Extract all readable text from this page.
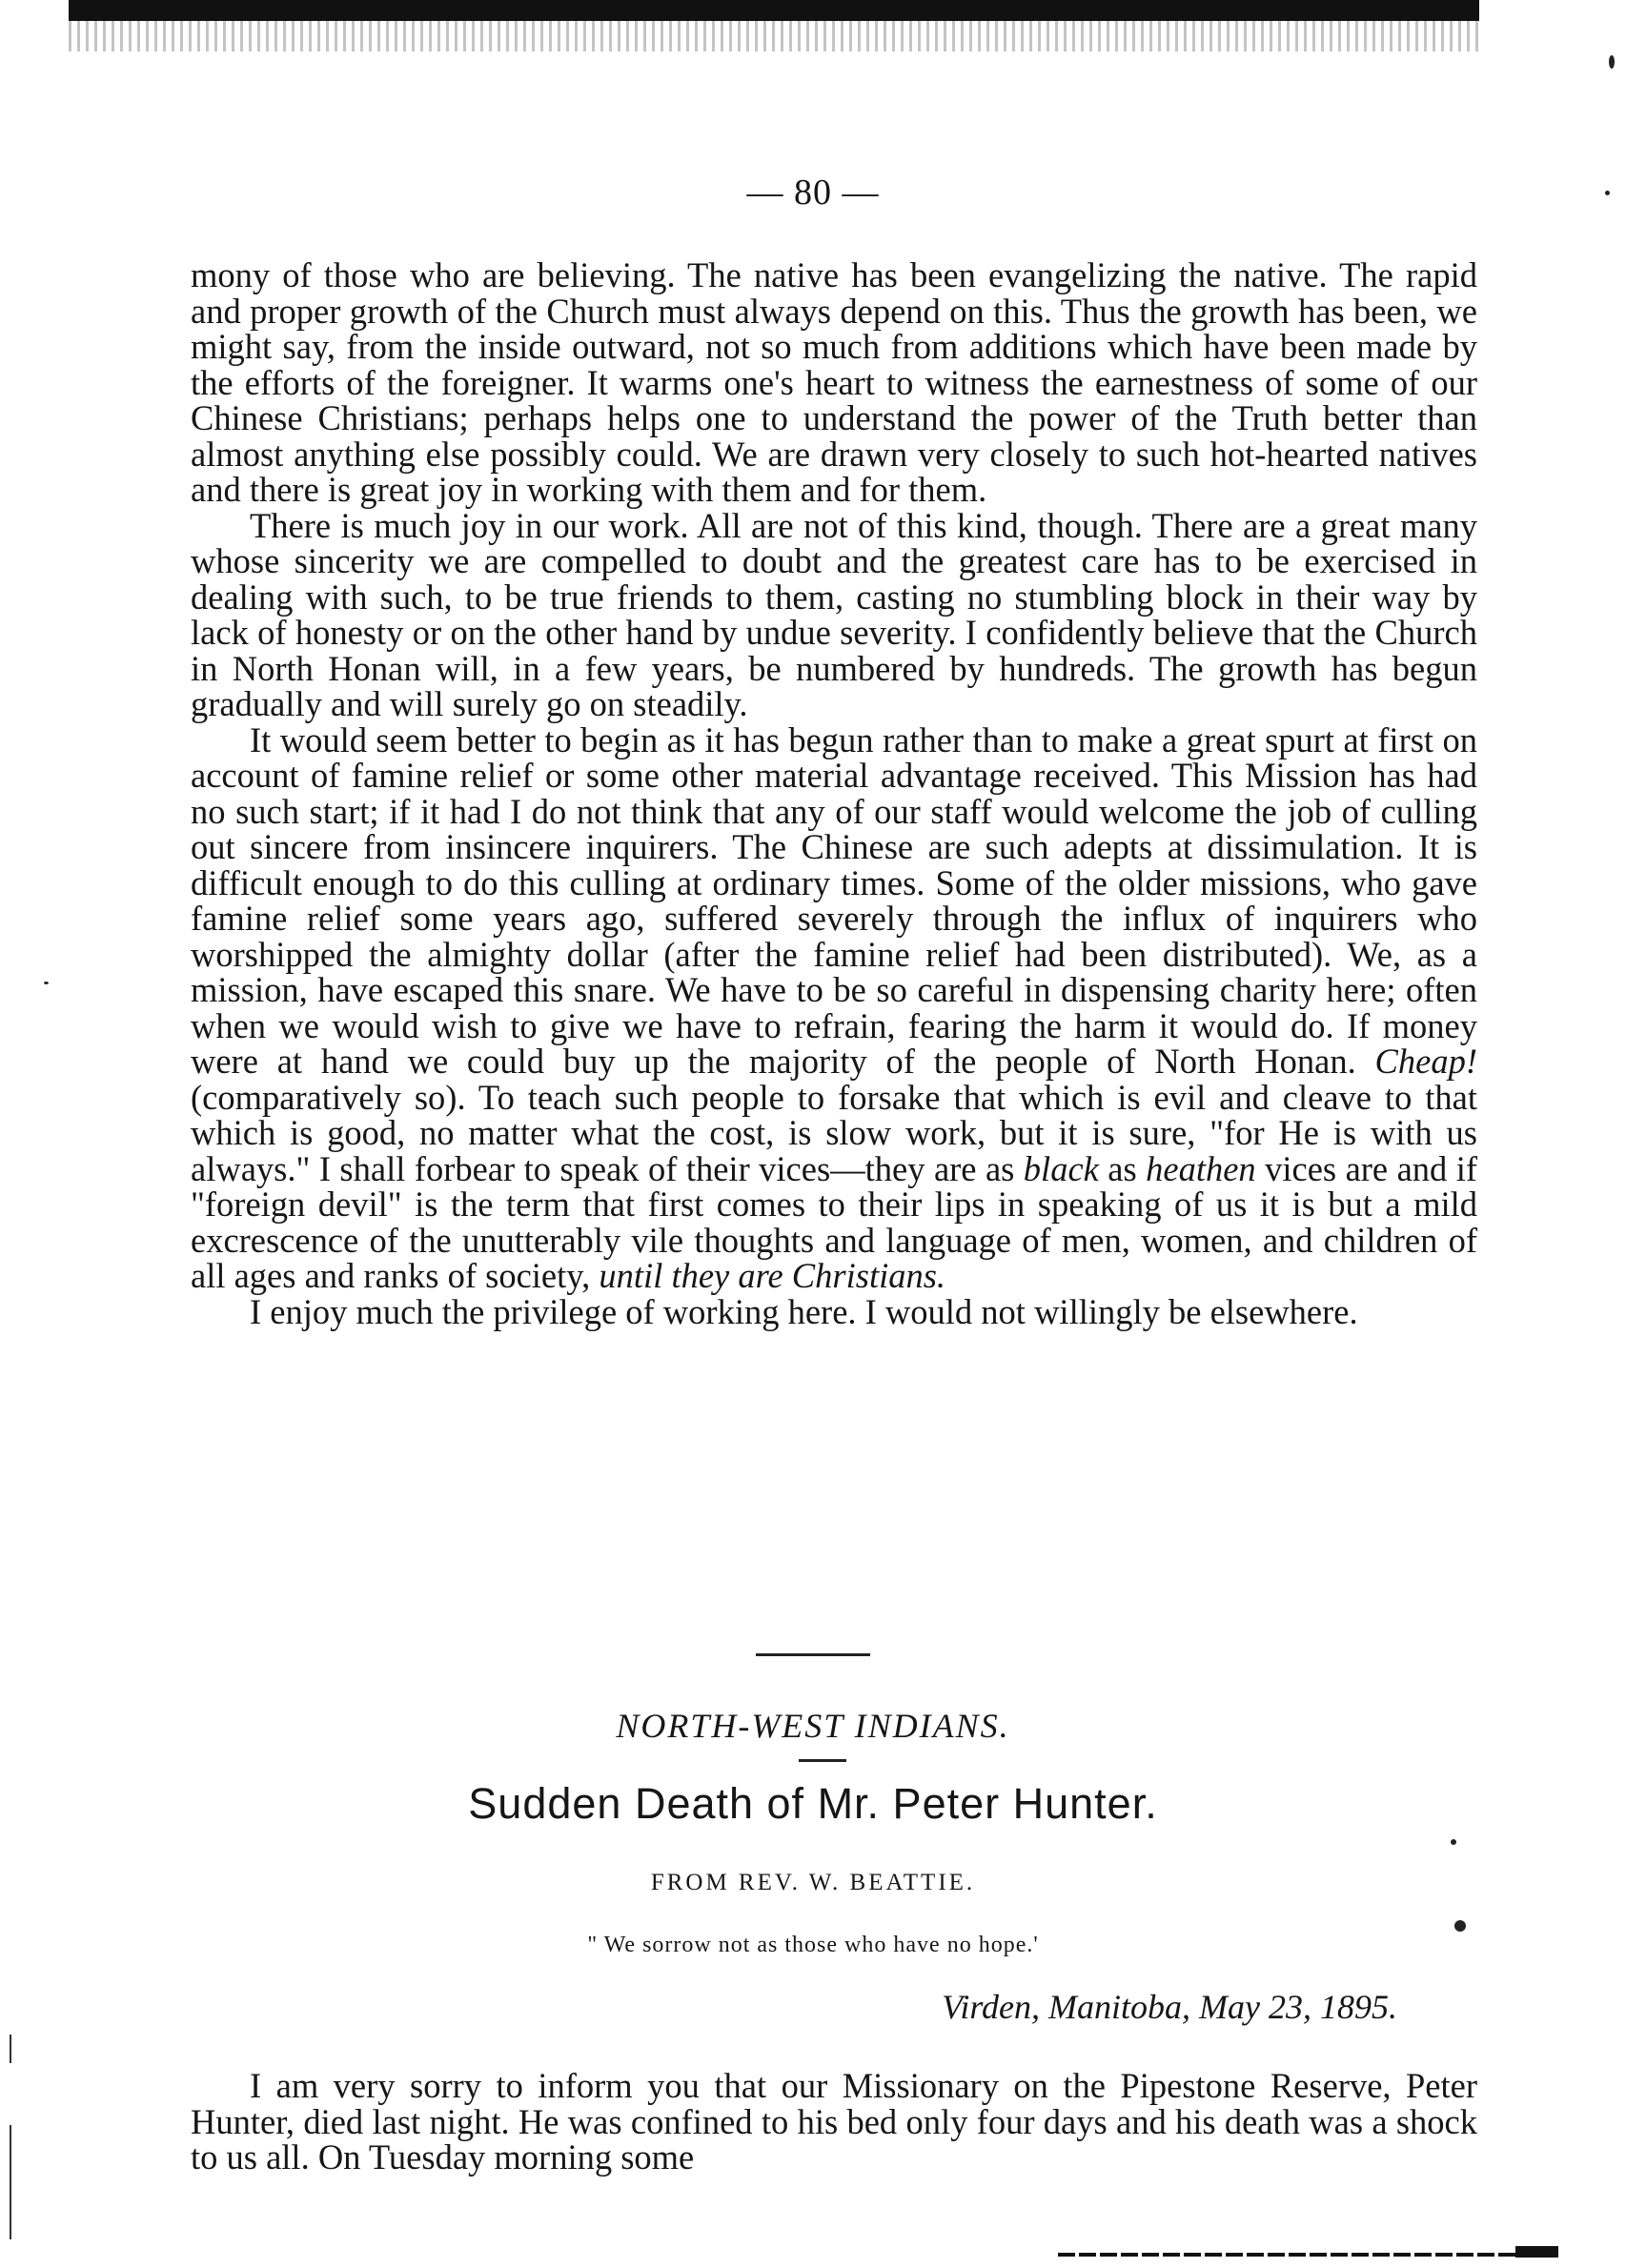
— 80 —

mony of those who are believing. The native has been evangelizing the native. The rapid and proper growth of the Church must always depend on this. Thus the growth has been, we might say, from the inside outward, not so much from additions which have been made by the efforts of the foreigner. It warms one's heart to witness the earnestness of some of our Chinese Christians; perhaps helps one to understand the power of the Truth better than almost anything else possibly could. We are drawn very closely to such hot-hearted natives and there is great joy in working with them and for them.

There is much joy in our work. All are not of this kind, though. There are a great many whose sincerity we are compelled to doubt and the greatest care has to be exercised in dealing with such, to be true friends to them, casting no stumbling block in their way by lack of honesty or on the other hand by undue severity. I confidently believe that the Church in North Honan will, in a few years, be numbered by hundreds. The growth has begun gradually and will surely go on steadily.

It would seem better to begin as it has begun rather than to make a great spurt at first on account of famine relief or some other material advantage received. This Mission has had no such start; if it had I do not think that any of our staff would welcome the job of culling out sincere from insincere inquirers. The Chinese are such adepts at dissimulation. It is difficult enough to do this culling at ordinary times. Some of the older missions, who gave famine relief some years ago, suffered severely through the influx of inquirers who worshipped the almighty dollar (after the famine relief had been distributed). We, as a mission, have escaped this snare. We have to be so careful in dispensing charity here; often when we would wish to give we have to refrain, fearing the harm it would do. If money were at hand we could buy up the majority of the people of North Honan. Cheap! (comparatively so). To teach such people to forsake that which is evil and cleave to that which is good, no matter what the cost, is slow work, but it is sure, "for He is with us always." I shall forbear to speak of their vices—they are as black as heathen vices are and if "foreign devil" is the term that first comes to their lips in speaking of us it is but a mild excrescence of the unutterably vile thoughts and language of men, women, and children of all ages and ranks of society, until they are Christians.

I enjoy much the privilege of working here. I would not willingly be elsewhere.

NORTH-WEST INDIANS.
Sudden Death of Mr. Peter Hunter.
FROM REV. W. BEATTIE.
" We sorrow not as those who have no hope.'
Virden, Manitoba, May 23, 1895.

I am very sorry to inform you that our Missionary on the Pipestone Reserve, Peter Hunter, died last night. He was confined to his bed only four days and his death was a shock to us all. On Tuesday morning some
